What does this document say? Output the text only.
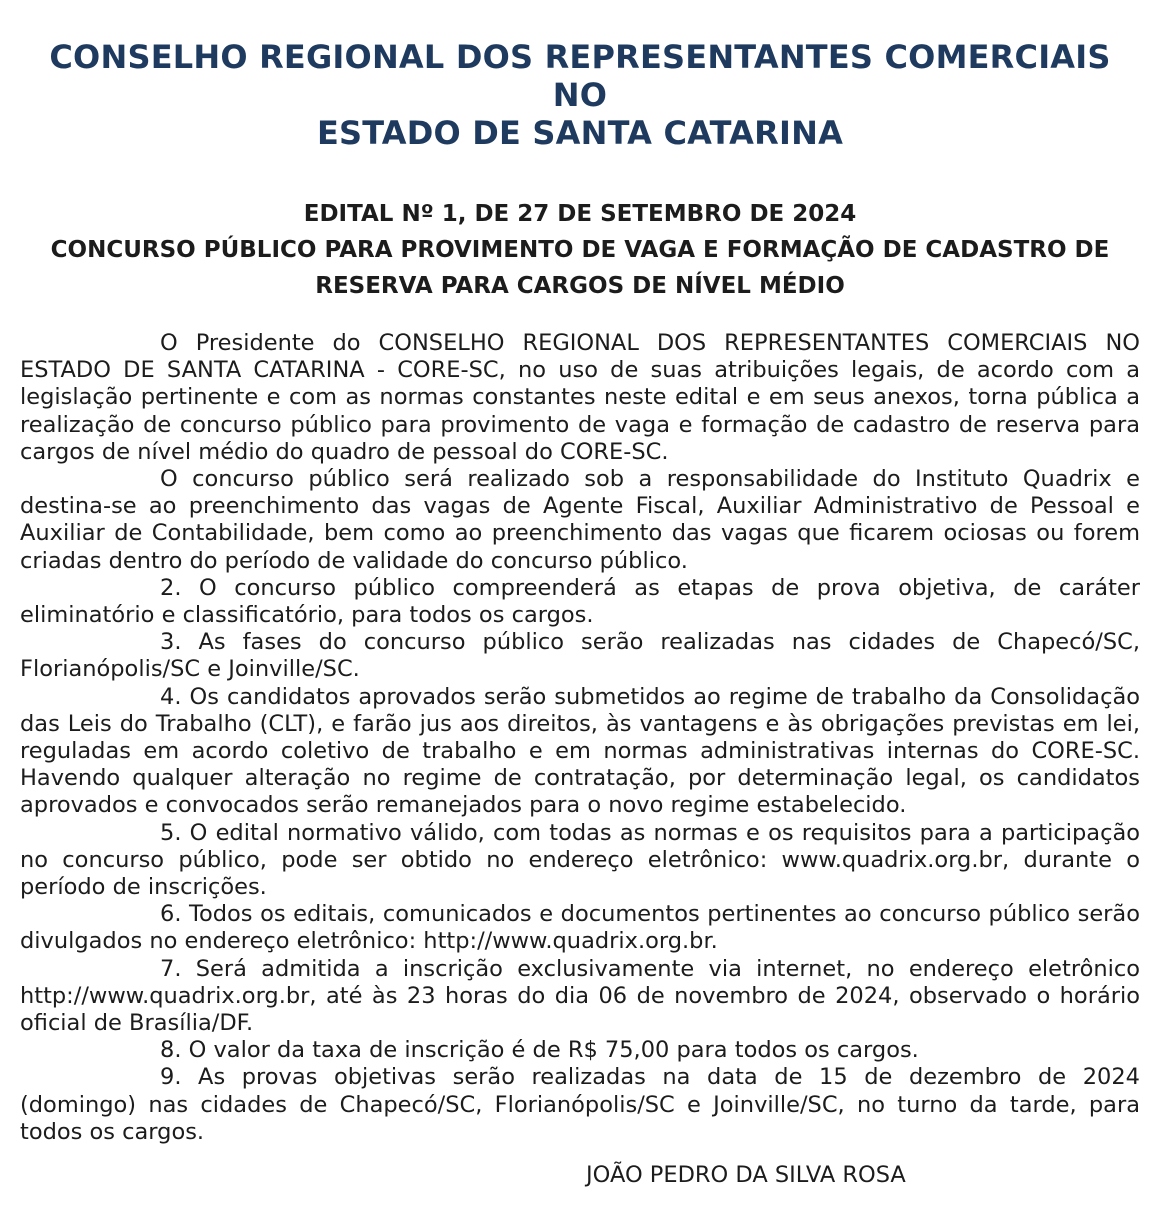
CONSELHO REGIONAL DOS REPRESENTANTES COMERCIAIS NO
ESTADO DE SANTA CATARINA
EDITAL Nº 1, DE 27 DE SETEMBRO DE 2024
CONCURSO PÚBLICO PARA PROVIMENTO DE VAGA E FORMAÇÃO DE CADASTRO DE
RESERVA PARA CARGOS DE NÍVEL MÉDIO

O Presidente do CONSELHO REGIONAL DOS REPRESENTANTES COMERCIAIS NO ESTADO DE SANTA CATARINA - CORE-SC, no uso de suas atribuições legais, de acordo com a legislação pertinente e com as normas constantes neste edital e em seus anexos, torna pública a realização de concurso público para provimento de vaga e formação de cadastro de reserva para cargos de nível médio do quadro de pessoal do CORE-SC.

O concurso público será realizado sob a responsabilidade do Instituto Quadrix e destina-se ao preenchimento das vagas de Agente Fiscal, Auxiliar Administrativo de Pessoal e Auxiliar de Contabilidade, bem como ao preenchimento das vagas que ficarem ociosas ou forem criadas dentro do período de validade do concurso público.

2. O concurso público compreenderá as etapas de prova objetiva, de caráter eliminatório e classificatório, para todos os cargos.

3. As fases do concurso público serão realizadas nas cidades de Chapecó/SC, Florianópolis/SC e Joinville/SC.

4. Os candidatos aprovados serão submetidos ao regime de trabalho da Consolidação das Leis do Trabalho (CLT), e farão jus aos direitos, às vantagens e às obrigações previstas em lei, reguladas em acordo coletivo de trabalho e em normas administrativas internas do CORE-SC. Havendo qualquer alteração no regime de contratação, por determinação legal, os candidatos aprovados e convocados serão remanejados para o novo regime estabelecido.

5. O edital normativo válido, com todas as normas e os requisitos para a participação no concurso público, pode ser obtido no endereço eletrônico: www.quadrix.org.br, durante o período de inscrições.

6. Todos os editais, comunicados e documentos pertinentes ao concurso público serão divulgados no endereço eletrônico: http://www.quadrix.org.br.

7. Será admitida a inscrição exclusivamente via internet, no endereço eletrônico http://www.quadrix.org.br, até às 23 horas do dia 06 de novembro de 2024, observado o horário oficial de Brasília/DF.

8. O valor da taxa de inscrição é de R$ 75,00 para todos os cargos.

9. As provas objetivas serão realizadas na data de 15 de dezembro de 2024 (domingo) nas cidades de Chapecó/SC, Florianópolis/SC e Joinville/SC, no turno da tarde, para todos os cargos.

JOÃO PEDRO DA SILVA ROSA
